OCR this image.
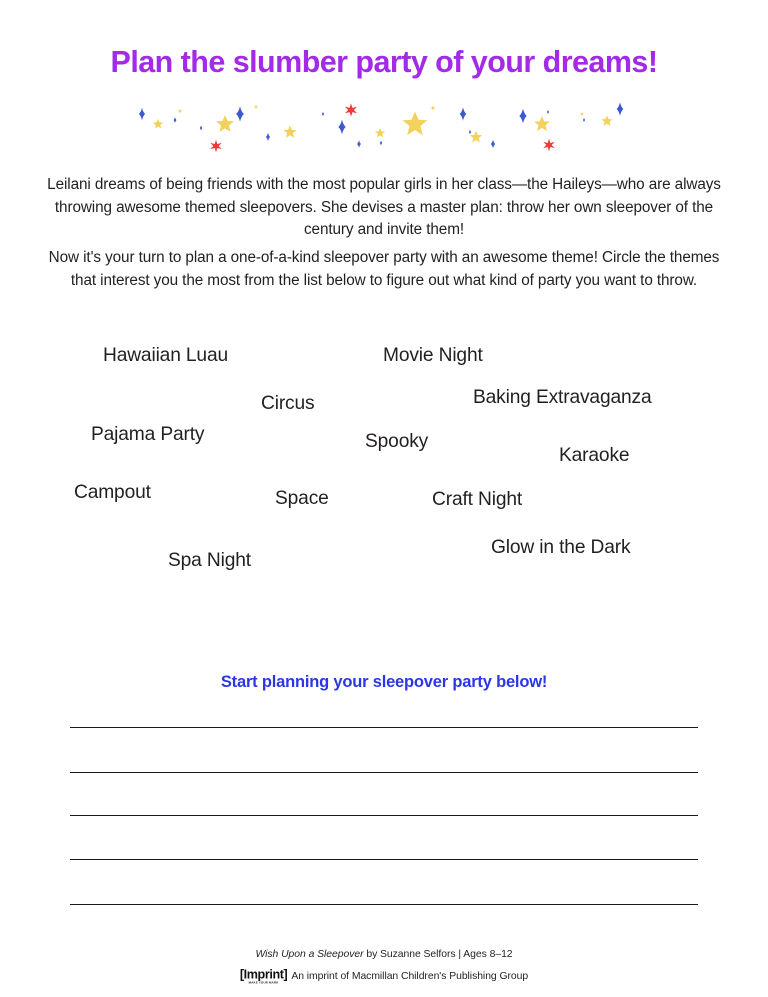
Plan the slumber party of your dreams!
Leilani dreams of being friends with the most popular girls in her class—the Haileys—who are always throwing awesome themed sleepovers. She devises a master plan: throw her own sleepover of the century and invite them!
Now it's your turn to plan a one-of-a-kind sleepover party with an awesome theme! Circle the themes that interest you the most from the list below to figure out what kind of party you want to throw.
Hawaiian Luau	Movie Night
Circus	Baking Extravaganza
Pajama Party	Spooky
Karaoke
Campout	Space	Craft Night
Glow in the Dark
Spa Night
Start planning your sleepover party below!
Wish Upon a Sleepover by Suzanne Selfors | Ages 8–12
[Imprint]
MAKE YOUR MARK
An imprint of Macmillan Children's Publishing Group
